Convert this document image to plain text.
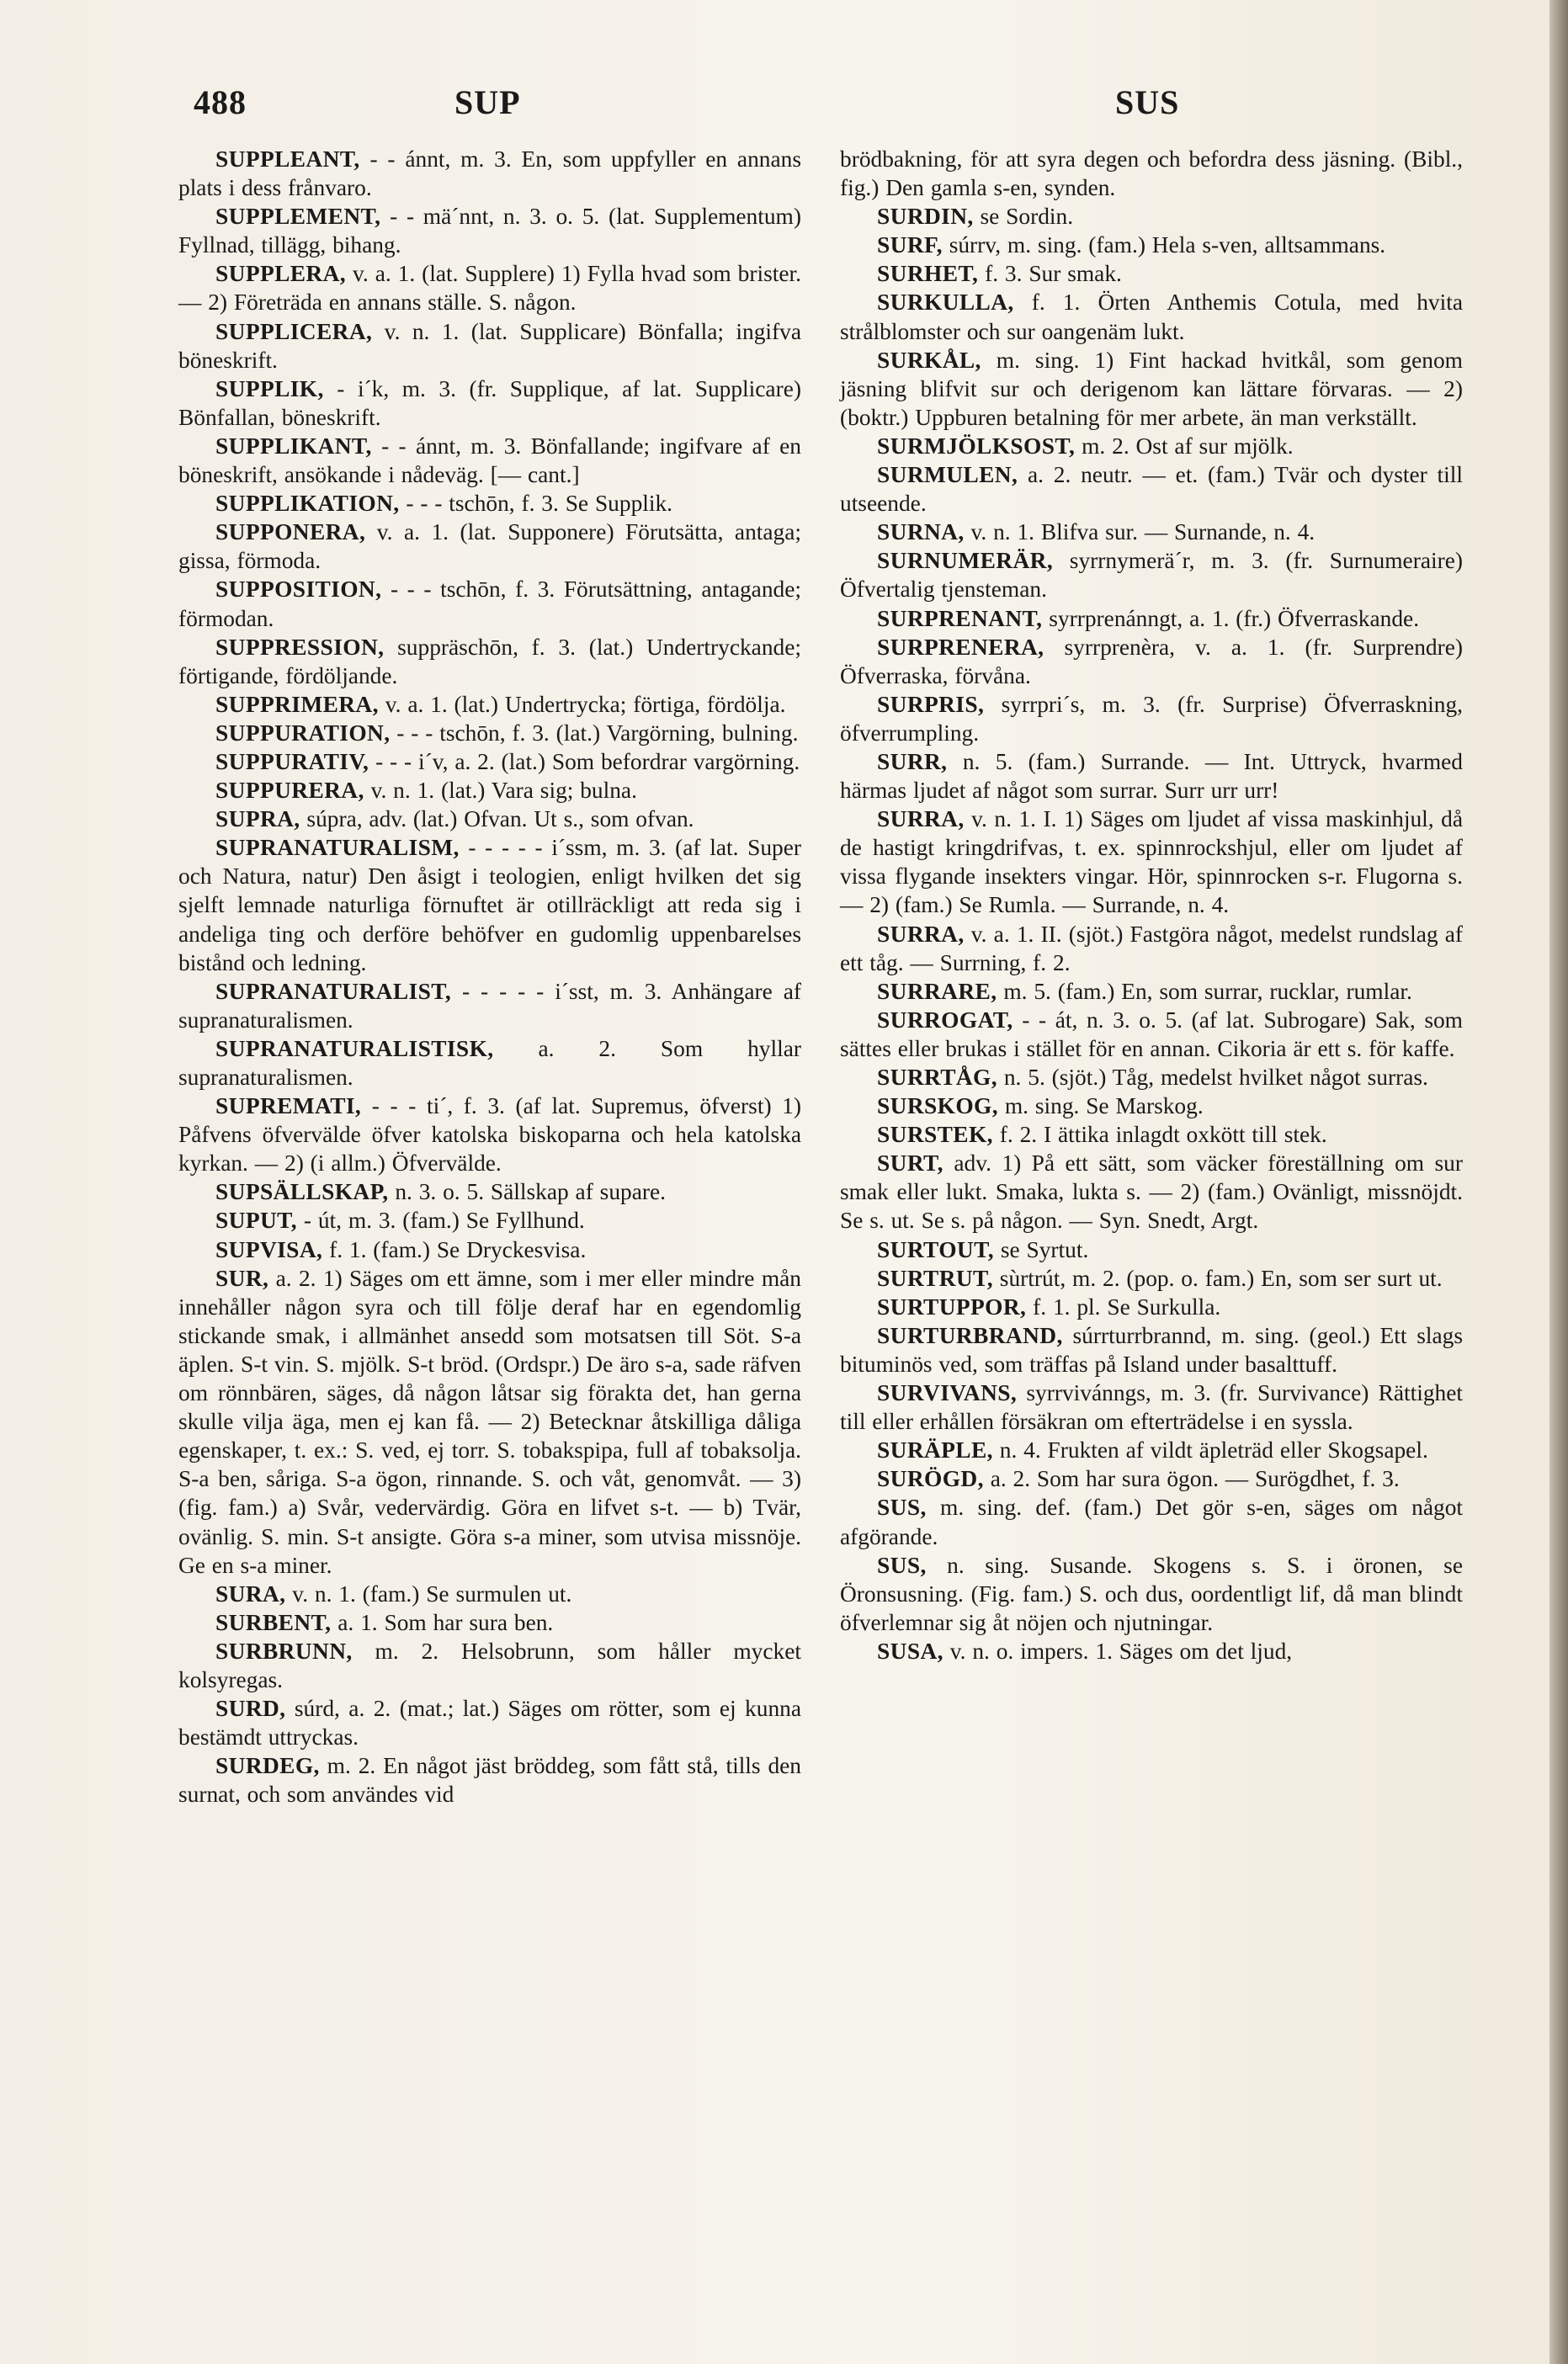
488	SUP	SUS

SUPPLEANT, - - ánnt, m. 3. En, som uppfyller en annans plats i dess frånvaro.

SUPPLEMENT, - - mä´nnt, n. 3. o. 5. (lat. Supplementum) Fyllnad, tillägg, bihang.

SUPPLERA, v. a. 1. (lat. Supplere) 1) Fylla hvad som brister. — 2) Företräda en annans ställe. S. någon.

SUPPLICERA, v. n. 1. (lat. Supplicare) Bönfalla; ingifva böneskrift.

SUPPLIK, - i´k, m. 3. (fr. Supplique, af lat. Supplicare) Bönfallan, böneskrift.

SUPPLIKANT, - - ánnt, m. 3. Bönfallande; ingifvare af en böneskrift, ansökande i nådeväg. [— cant.]

SUPPLIKATION, - - - tschōn, f. 3. Se Supplik.

SUPPONERA, v. a. 1. (lat. Supponere) Förutsätta, antaga; gissa, förmoda.

SUPPOSITION, - - - tschōn, f. 3. Förutsättning, antagande; förmodan.

SUPPRESSION, suppräschōn, f. 3. (lat.) Undertryckande; förtigande, fördöljande.

SUPPRIMERA, v. a. 1. (lat.) Undertrycka; förtiga, fördölja.

SUPPURATION, - - - tschōn, f. 3. (lat.) Vargörning, bulning.

SUPPURATIV, - - - i´v, a. 2. (lat.) Som befordrar vargörning.

SUPPURERA, v. n. 1. (lat.) Vara sig; bulna.

SUPRA, súpra, adv. (lat.) Ofvan. Ut s., som ofvan.

SUPRANATURALISM, - - - - - i´ssm, m. 3. (af lat. Super och Natura, natur) Den åsigt i teologien, enligt hvilken det sig sjelft lemnade naturliga förnuftet är otillräckligt att reda sig i andeliga ting och derföre behöfver en gudomlig uppenbarelses bistånd och ledning.

SUPRANATURALIST, - - - - - i´sst, m. 3. Anhängare af supranaturalismen.

SUPRANATURALISTISK, a. 2. Som hyllar supranaturalismen.

SUPREMATI, - - - ti´, f. 3. (af lat. Supremus, öfverst) 1) Påfvens öfvervälde öfver katolska biskoparna och hela katolska kyrkan. — 2) (i allm.) Öfvervälde.

SUPSÄLLSKAP, n. 3. o. 5. Sällskap af supare.

SUPUT, - út, m. 3. (fam.) Se Fyllhund.

SUPVISA, f. 1. (fam.) Se Dryckesvisa.

SUR, a. 2. 1) Säges om ett ämne, som i mer eller mindre mån innehåller någon syra och till följe deraf har en egendomlig stickande smak, i allmänhet ansedd som motsatsen till Söt. S-a äplen. S-t vin. S. mjölk. S-t bröd. (Ordspr.) De äro s-a, sade räfven om rönnbären, säges, då någon låtsar sig förakta det, han gerna skulle vilja äga, men ej kan få. — 2) Betecknar åtskilliga dåliga egenskaper, t. ex.: S. ved, ej torr. S. tobakspipa, full af tobaksolja. S-a ben, såriga. S-a ögon, rinnande. S. och våt, genomvåt. — 3) (fig. fam.) a) Svår, vedervärdig. Göra en lifvet s-t. — b) Tvär, ovänlig. S. min. S-t ansigte. Göra s-a miner, som utvisa missnöje. Ge en s-a miner.

SURA, v. n. 1. (fam.) Se surmulen ut.

SURBENT, a. 1. Som har sura ben.

SURBRUNN, m. 2. Helsobrunn, som håller mycket kolsyregas.

SURD, súrd, a. 2. (mat.; lat.) Säges om rötter, som ej kunna bestämdt uttryckas.

SURDEG, m. 2. En något jäst bröddeg, som fått stå, tills den surnat, och som användes vid

brödbakning, för att syra degen och befordra dess jäsning. (Bibl., fig.) Den gamla s-en, synden.

SURDIN, se Sordin.

SURF, súrrv, m. sing. (fam.) Hela s-ven, alltsammans.

SURHET, f. 3. Sur smak.

SURKULLA, f. 1. Örten Anthemis Cotula, med hvita strålblomster och sur oangenäm lukt.

SURKÅL, m. sing. 1) Fint hackad hvitkål, som genom jäsning blifvit sur och derigenom kan lättare förvaras. — 2) (boktr.) Uppburen betalning för mer arbete, än man verkställt.

SURMJÖLKSOST, m. 2. Ost af sur mjölk.

SURMULEN, a. 2. neutr. — et. (fam.) Tvär och dyster till utseende.

SURNA, v. n. 1. Blifva sur. — Surnande, n. 4.

SURNUMERÄR, syrrnymerä´r, m. 3. (fr. Surnumeraire) Öfvertalig tjensteman.

SURPRENANT, syrrprenánngt, a. 1. (fr.) Öfverraskande.

SURPRENERA, syrrprenèra, v. a. 1. (fr. Surprendre) Öfverraska, förvåna.

SURPRIS, syrrpri´s, m. 3. (fr. Surprise) Öfverraskning, öfverrumpling.

SURR, n. 5. (fam.) Surrande. — Int. Uttryck, hvarmed härmas ljudet af något som surrar. Surr urr urr!

SURRA, v. n. 1. I. 1) Säges om ljudet af vissa maskinhjul, då de hastigt kringdrifvas, t. ex. spinnrockshjul, eller om ljudet af vissa flygande insekters vingar. Hör, spinnrocken s-r. Flugorna s. — 2) (fam.) Se Rumla. — Surrande, n. 4.

SURRA, v. a. 1. II. (sjöt.) Fastgöra något, medelst rundslag af ett tåg. — Surrning, f. 2.

SURRARE, m. 5. (fam.) En, som surrar, rucklar, rumlar.

SURROGAT, - - át, n. 3. o. 5. (af lat. Subrogare) Sak, som sättes eller brukas i stället för en annan. Cikoria är ett s. för kaffe.

SURRTÅG, n. 5. (sjöt.) Tåg, medelst hvilket något surras.

SURSKOG, m. sing. Se Marskog.

SURSTEK, f. 2. I ättika inlagdt oxkött till stek.

SURT, adv. 1) På ett sätt, som väcker föreställning om sur smak eller lukt. Smaka, lukta s. — 2) (fam.) Ovänligt, missnöjdt. Se s. ut. Se s. på någon. — Syn. Snedt, Argt.

SURTOUT, se Syrtut.

SURTRUT, sùrtrút, m. 2. (pop. o. fam.) En, som ser surt ut.

SURTUPPOR, f. 1. pl. Se Surkulla.

SURTURBRAND, súrrturrbrannd, m. sing. (geol.) Ett slags bituminös ved, som träffas på Island under basalttuff.

SURVIVANS, syrrvivánngs, m. 3. (fr. Survivance) Rättighet till eller erhållen försäkran om efterträdelse i en syssla.

SURÄPLE, n. 4. Frukten af vildt äpleträd eller Skogsapel.

SURÖGD, a. 2. Som har sura ögon. — Surögdhet, f. 3.

SUS, m. sing. def. (fam.) Det gör s-en, säges om något afgörande.

SUS, n. sing. Susande. Skogens s. S. i öronen, se Öronsusning. (Fig. fam.) S. och dus, oordentligt lif, då man blindt öfverlemnar sig åt nöjen och njutningar.

SUSA, v. n. o. impers. 1. Säges om det ljud,
